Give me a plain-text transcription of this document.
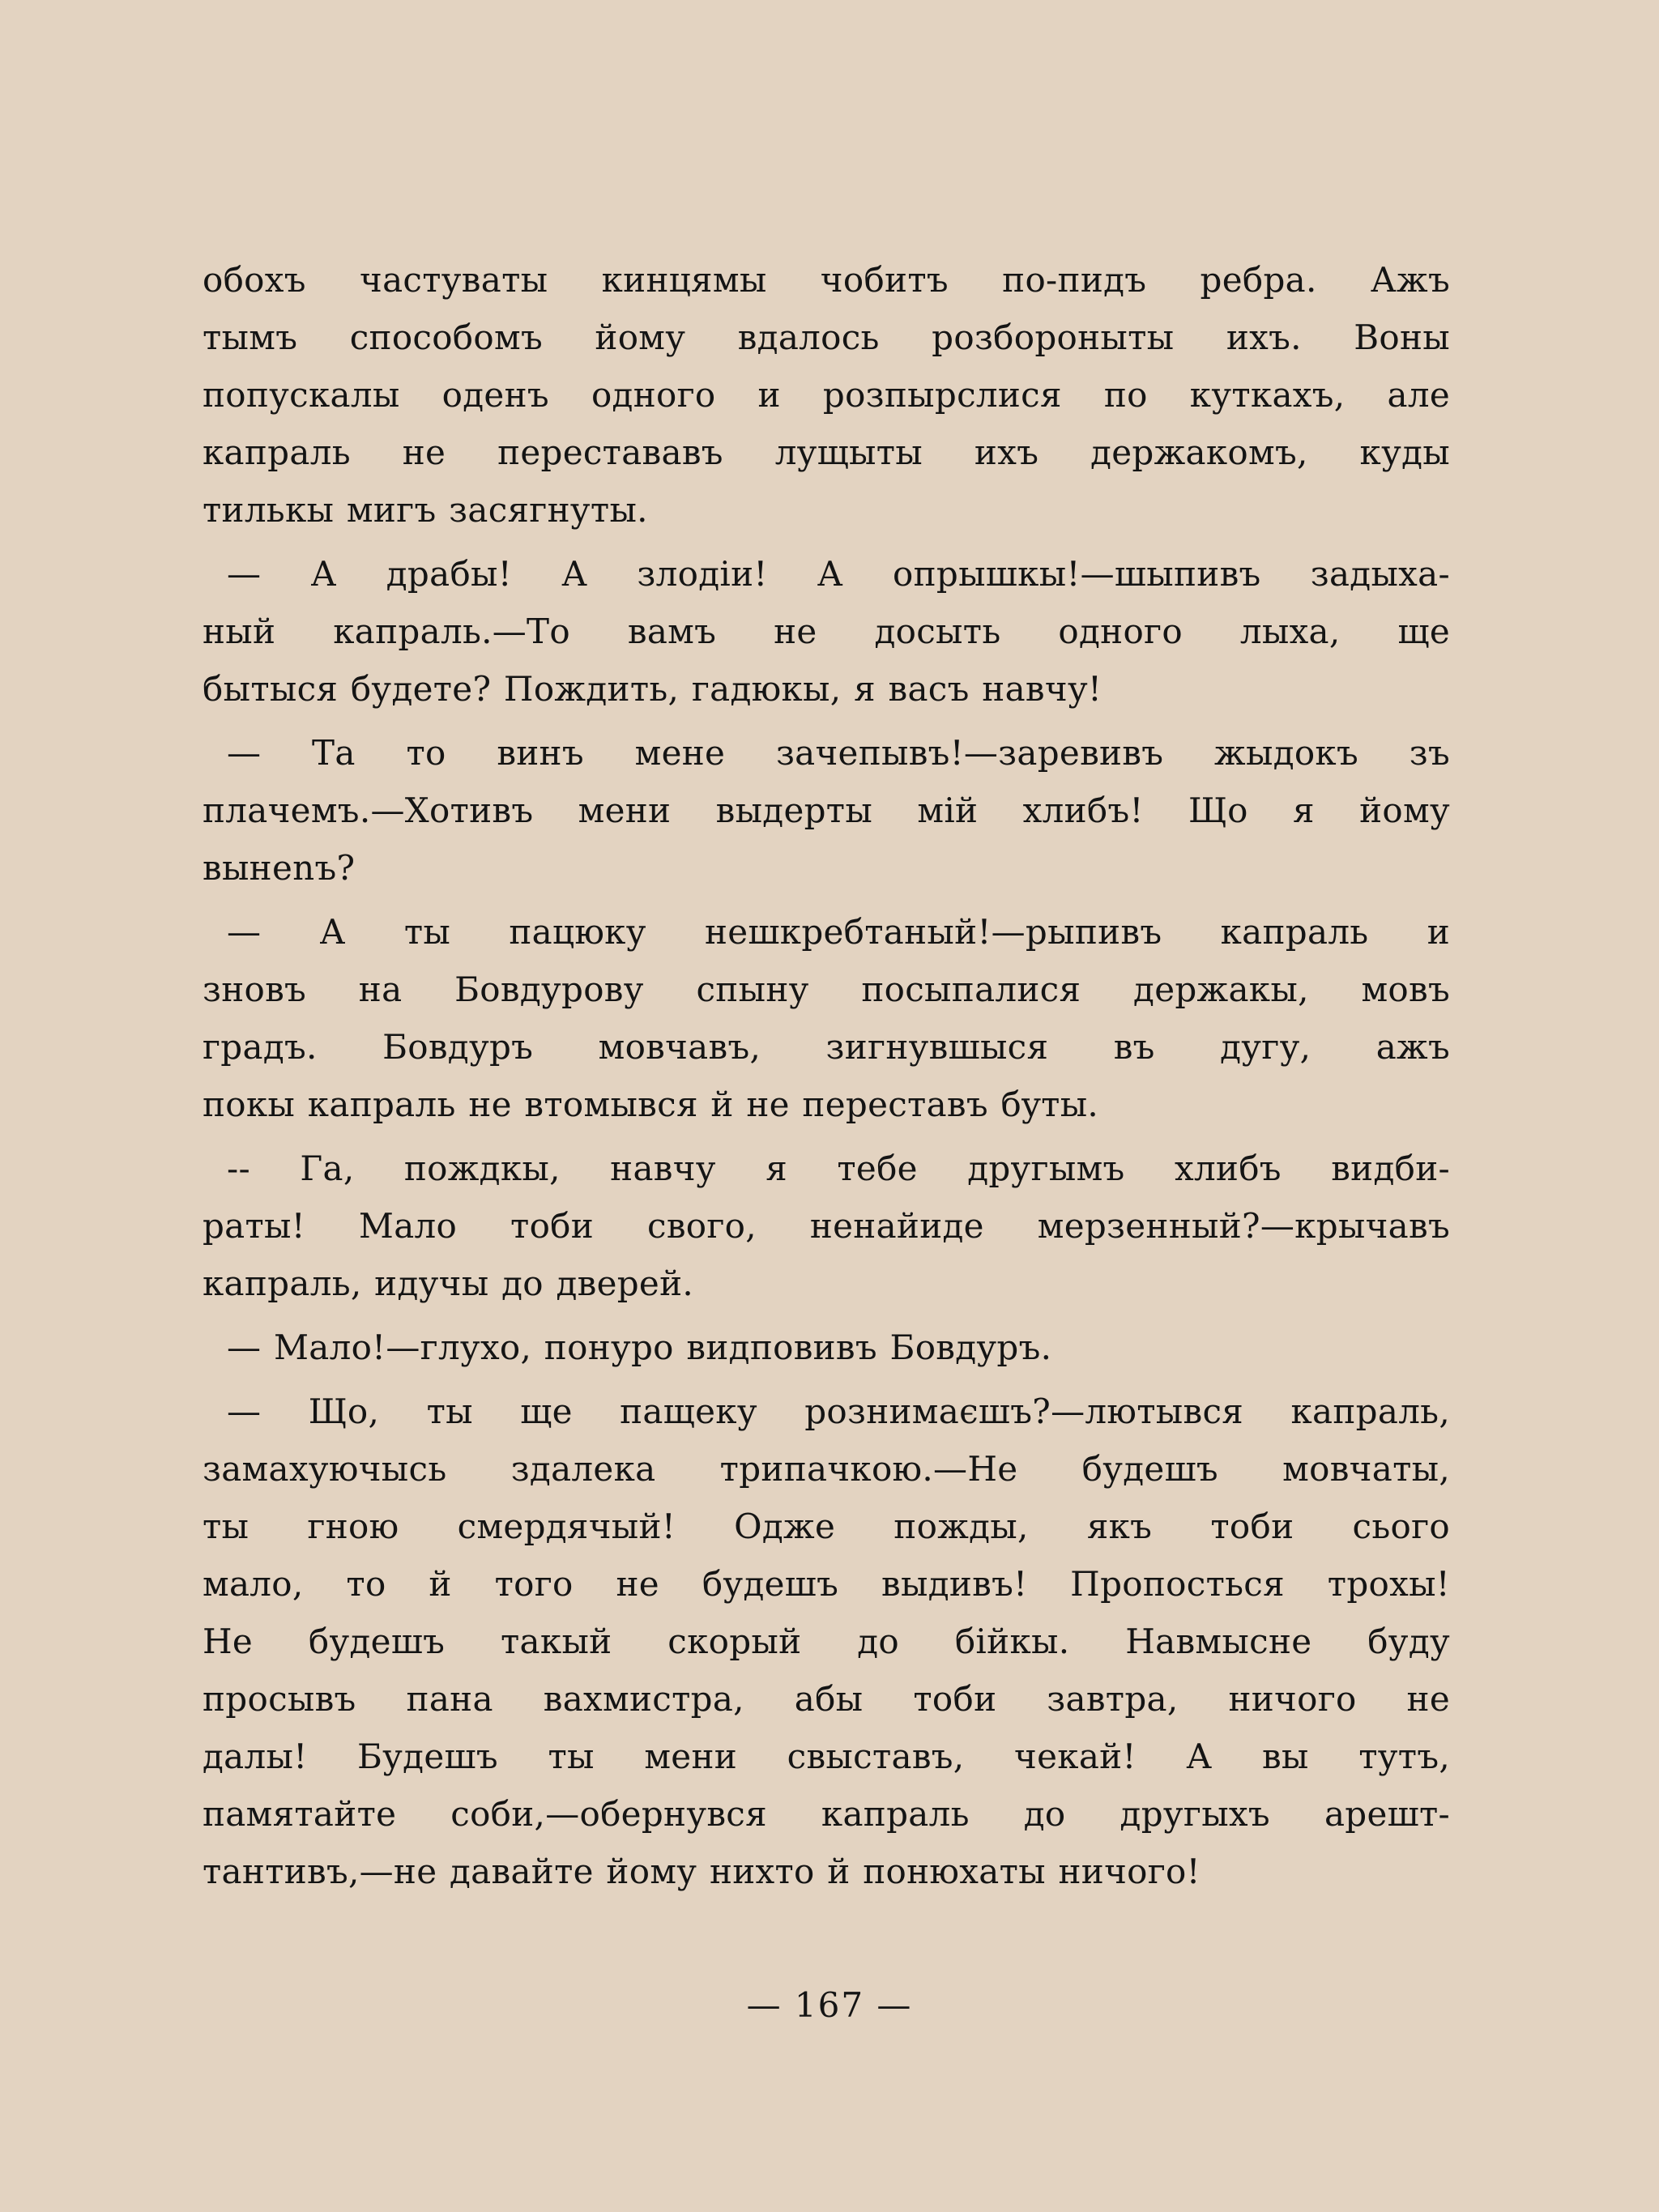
обохъ частуваты кинцямы чобитъ по-пидъ ребра. Ажъ
тымъ способомъ йому вдалось розбороныты ихъ. Воны
попускалы оденъ одного и розпырслися по куткахъ, але
капраль не перестававъ лущыты ихъ держакомъ, куды
тилькы мигъ засягнуты.

— А драбы! А злодіи! А опрышкы!—шыпивъ задыха-
ный капраль.—То вамъ не досыть одного лыха, ще
бытыся будете? Пождить, гадюкы, я васъ навчу!

— Та то винъ мене зачепывъ!—заревивъ жыдокъ зъ
плачемъ.—Хотивъ мени выдерты мій хлибъ! Що я йому
вынenъ?

— А ты пацюку нешкребтаный!—рыпивъ капраль и
зновъ на Бовдурову спыну посыпалися держакы, мовъ
градъ. Бовдуръ мовчавъ, зигнувшыся въ дугу, ажъ
покы капраль не втомывся й не переставъ бyты.

-- Га, пождкы, навчу я тебе другымъ хлибъ видби-
раты! Мало тоби свого, ненайиде мерзенный?—крычавъ
капраль, идучы до дверей.

— Мало!—глухо, понуро видповивъ Бовдуръ.

— Що, ты ще пащеку рознимаєшъ?—лютывся капраль,
замахуючысь здалека трипачкою.—Не будешъ мовчаты,
ты гною смердячый! Одже пожды, якъ тоби сього
мало, то й того не будешъ выдивъ! Пропосться трохы!
Не будешъ такый скорый до бійкы. Навмысне буду
просывъ пана вахмистра, абы тоби завтра, ничого не
далы! Будешъ ты мени свыставъ, чекай! А вы тутъ,
памятайте соби,—обернувся капраль до другыхъ арешт-
тантивъ,—не давайте йому нихто й понюхаты ничого!

— 167 —
